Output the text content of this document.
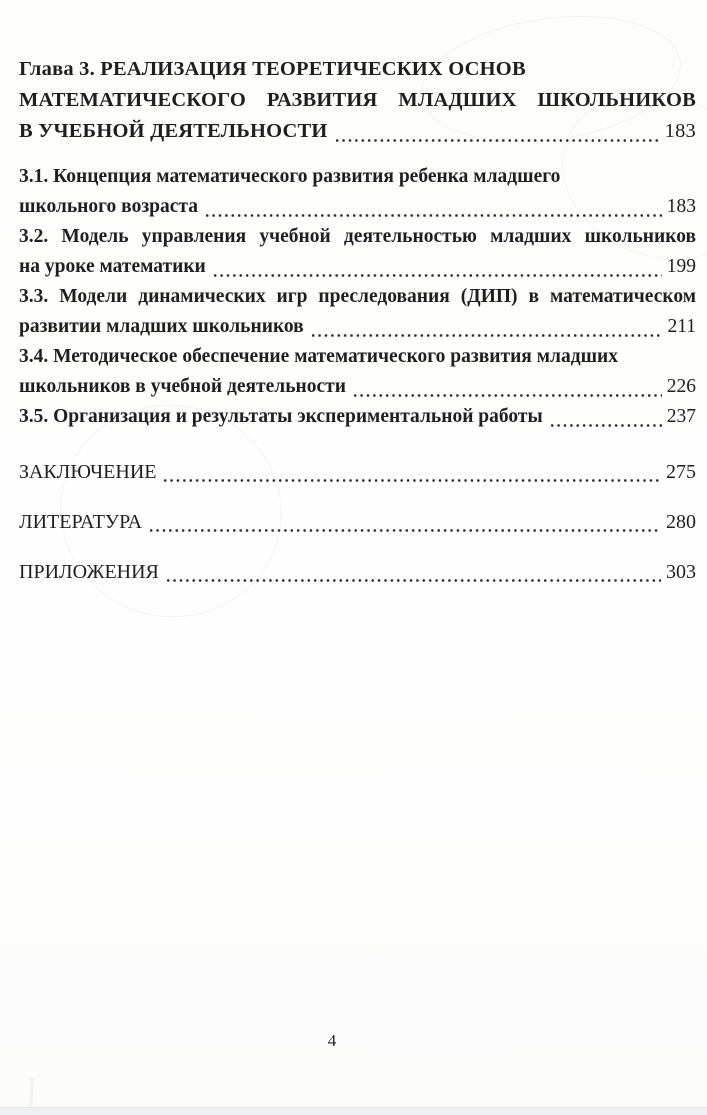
Глава 3. РЕАЛИЗАЦИЯ ТЕОРЕТИЧЕСКИХ ОСНОВ
МАТЕМАТИЧЕСКОГО РАЗВИТИЯ МЛАДШИХ ШКОЛЬНИКОВ
В УЧЕБНОЙ ДЕЯТЕЛЬНОСТИ	183
3.1. Концепция математического развития ребенка младшего
школьного возраста	183
3.2. Модель управления учебной деятельностью младших школьников
на уроке математики	199
3.3. Модели динамических игр преследования (ДИП) в математическом
развитии младших школьников	211
3.4. Методическое обеспечение математического развития младших
школьников в учебной деятельности	226
3.5. Организация и результаты экспериментальной работы	237
ЗАКЛЮЧЕНИЕ	275
ЛИТЕРАТУРА	280
ПРИЛОЖЕНИЯ	303
4
